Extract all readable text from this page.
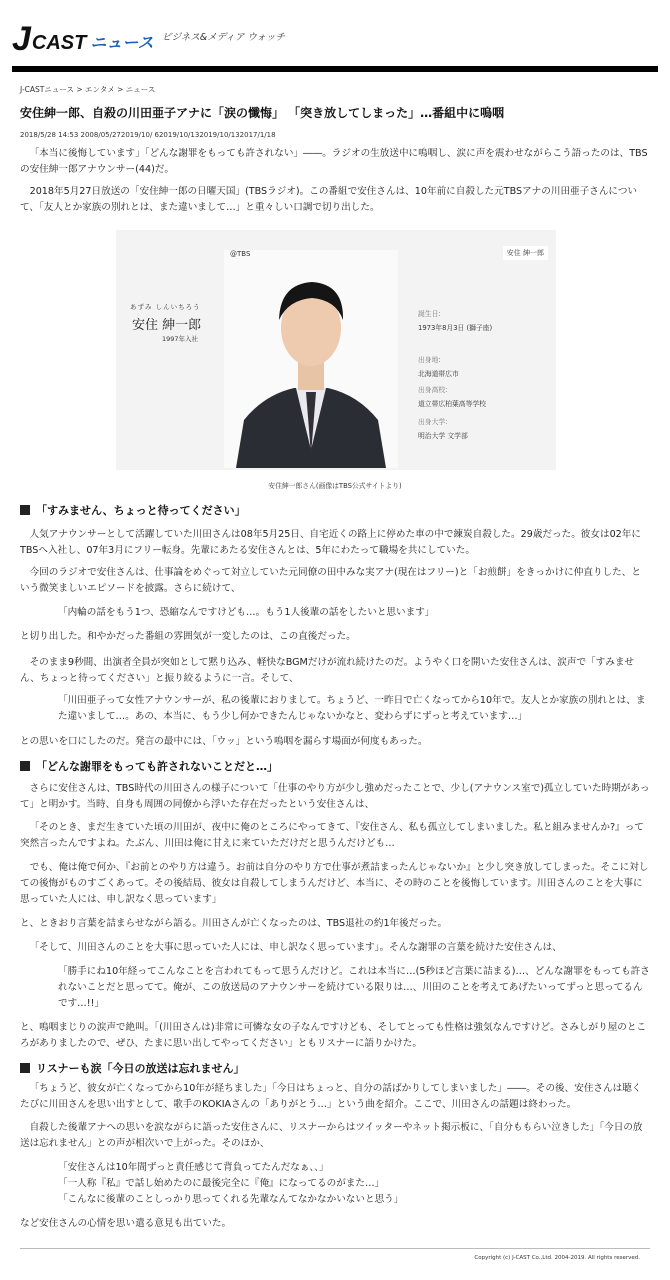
J CAST ニュース ビジネス&メディア ウォッチ
J-CASTニュース > エンタメ > ニュース
安住紳一郎、自殺の川田亜子アナに「涙の懺悔」 「突き放してしまった」…番組中に嗚咽
2018/5/28 14:53 2008/05/272019/10/ 62019/10/132019/10/132017/1/18

「本当に後悔しています」「どんな謝罪をもっても許されない」――。ラジオの生放送中に嗚咽し、涙に声を震わせながらこう語ったのは、TBSの安住紳一郎アナウンサー(44)だ。

2018年5月27日放送の「安住紳一郎の日曜天国」(TBSラジオ)。この番組で安住さんは、10年前に自殺した元TBSアナの川田亜子さんについて、「友人とか家族の別れとは、また違いまして…」と重々しい口調で切り出した。

@TBS	安住 紳一郎
あずみ しんいちろう
安住 紳一郎
1997年入社
誕生日:
1973年8月3日 (獅子座)
出身地:
北海道帯広市
出身高校:
道立帯広柏葉高等学校
出身大学:
明治大学 文学部
安住紳一郎さん(画像はTBS公式サイトより)
「すみません、ちょっと待ってください」

人気アナウンサーとして活躍していた川田さんは08年5月25日、自宅近くの路上に停めた車の中で練炭自殺した。29歳だった。彼女は02年にTBSへ入社し、07年3月にフリー転身。先輩にあたる安住さんとは、5年にわたって職場を共にしていた。

今回のラジオで安住さんは、仕事論をめぐって対立していた元同僚の田中みな実アナ(現在はフリー)と「お煎餅」をきっかけに仲直りした、という微笑ましいエピソードを披露。さらに続けて、

「内輪の話をもう1つ、恐縮なんですけども…。もう1人後輩の話をしたいと思います」

と切り出した。和やかだった番組の雰囲気が一変したのは、この直後だった。

そのまま9秒間、出演者全員が突如として黙り込み、軽快なBGMだけが流れ続けたのだ。ようやく口を開いた安住さんは、涙声で「すみません、ちょっと待ってください」と振り絞るように一言。そして、

「川田亜子って女性アナウンサーが、私の後輩におりまして。ちょうど、一昨日で亡くなってから10年で。友人とか家族の別れとは、また違いまして…。あの、本当に、もう少し何かできたんじゃないかなと、変わらずにずっと考えています…」

との思いを口にしたのだ。発言の最中には、「ウッ」という嗚咽を漏らす場面が何度もあった。

「どんな謝罪をもっても許されないことだと…」

さらに安住さんは、TBS時代の川田さんの様子について「仕事のやり方が少し強めだったことで、少し(アナウンス室で)孤立していた時期があって」と明かす。当時、自身も周囲の同僚から浮いた存在だったという安住さんは、

「そのとき、まだ生きていた頃の川田が、夜中に俺のところにやってきて、『安住さん、私も孤立してしまいました。私と組みませんか?』って突然言ったんですよね。たぶん、川田は俺に甘えに来ていただけだと思うんだけども…

でも、俺は俺で何か、『お前とのやり方は違う。お前は自分のやり方で仕事が煮詰まったんじゃないか』と少し突き放してしまった。そこに対しての後悔がものすごくあって。その後結局、彼女は自殺してしまうんだけど、本当に、その時のことを後悔しています。川田さんのことを大事に思っていた人には、申し訳なく思っています」

と、ときおり言葉を詰まらせながら語る。川田さんが亡くなったのは、TBS退社の約1年後だった。

「そして、川田さんのことを大事に思っていた人には、申し訳なく思っています」。そんな謝罪の言葉を続けた安住さんは、

「勝手にね10年経ってこんなことを言われてもって思うんだけど。これは本当に…(5秒ほど言葉に詰まる)…、どんな謝罪をもっても許されないことだと思ってて。俺が、この放送局のアナウンサーを続けている限りは…、川田のことを考えてあげたいってずっと思ってるんです…!!」

と、嗚咽まじりの涙声で絶叫。「(川田さんは)非常に可憐な女の子なんですけども、そしてとっても性格は強気なんですけど。さみしがり屋のところがありましたので、ぜひ、たまに思い出してやってください」ともリスナーに語りかけた。

リスナーも涙「今日の放送は忘れません」

「ちょうど、彼女が亡くなってから10年が経ちました」「今日はちょっと、自分の話ばかりしてしまいました」――。その後、安住さんは聴くたびに川田さんを思い出すとして、歌手のKOKIAさんの「ありがとう…」という曲を紹介。ここで、川田さんの話題は終わった。

自殺した後輩アナへの思いを涙ながらに語った安住さんに、リスナーからはツイッターやネット掲示板に、「自分ももらい泣きした」「今日の放送は忘れません」との声が相次いで上がった。そのほか、

「安住さんは10年間ずっと責任感じて背負ってたんだなぁ、、」

「一人称『私』で話し始めたのに最後完全に『俺』になってるのがまた…」

「こんなに後輩のことしっかり思ってくれる先輩なんてなかなかいないと思う」

など安住さんの心情を思い遣る意見も出ていた。

Copyright (c) J-CAST Co.,Ltd. 2004-2019. All rights reserved.
